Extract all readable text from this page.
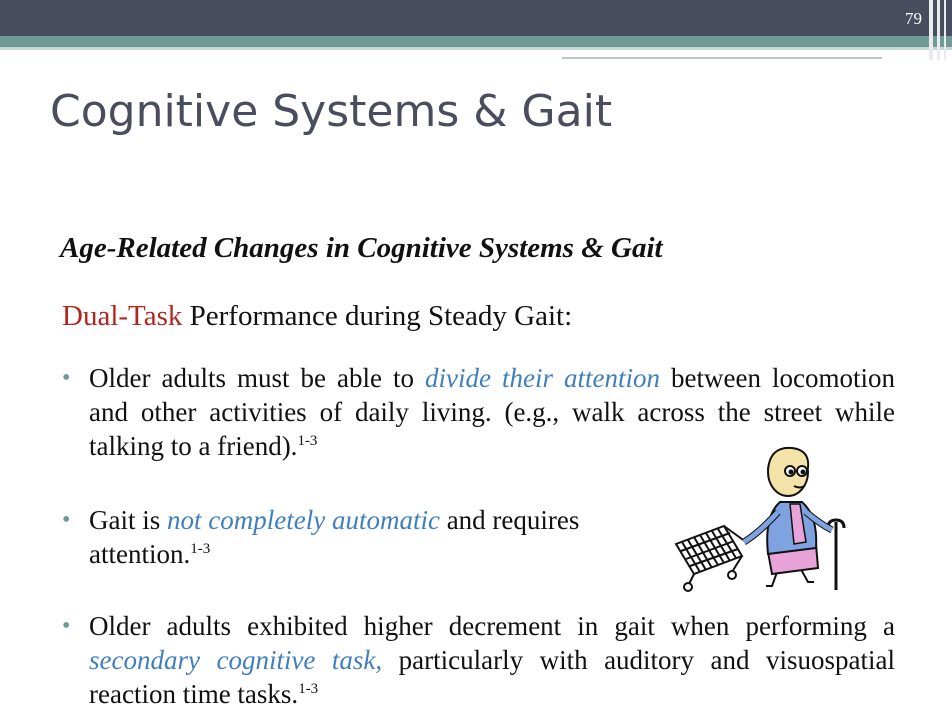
79
Cognitive Systems & Gait
Age-Related Changes in Cognitive Systems & Gait
Dual-Task Performance during Steady Gait:
• Older adults must be able to divide their attention between locomotion and other activities of daily living. (e.g., walk across the street while talking to a friend).$^{1-3}$
• Gait is not completely automatic and requires attention.$^{1-3}$
• Older adults exhibited higher decrement in gait when performing a secondary cognitive task, particularly with auditory and visuospatial reaction time tasks.$^{1-3}$
